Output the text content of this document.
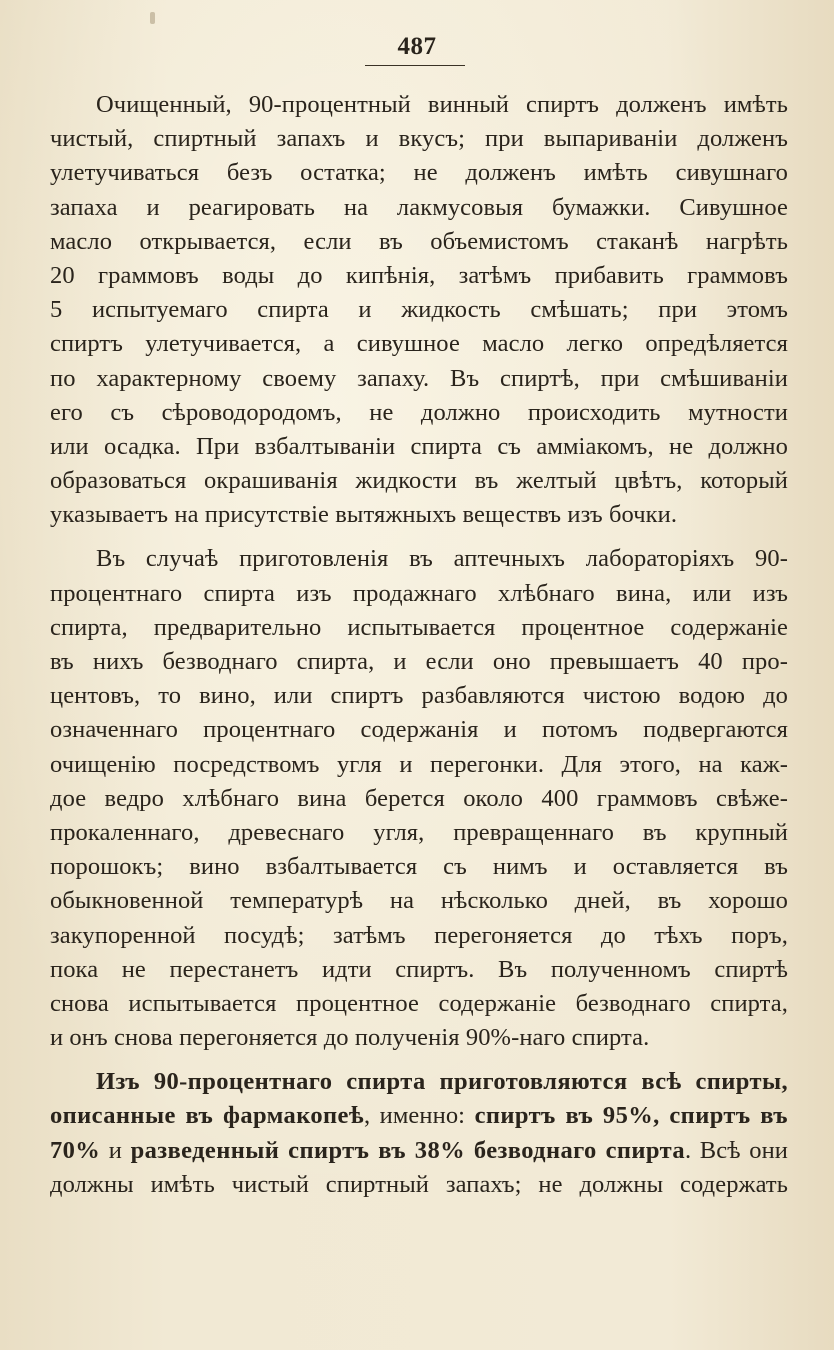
487
Очищенный, 90-процентный винный спиртъ долженъ имѣть
чистый, спиртный запахъ и вкусъ; при выпариваніи долженъ
улетучиваться безъ остатка; не долженъ имѣть сивушнаго
запаха и реагировать на лакмусовыя бумажки. Сивушное
масло открывается, если въ объемистомъ стаканѣ нагрѣть
20 граммовъ воды до кипѣнія, затѣмъ прибавить граммовъ
5 испытуемаго спирта и жидкость смѣшать; при этомъ
спиртъ улетучивается, а сивушное масло легко опредѣляется
по характерному своему запаху. Въ спиртѣ, при смѣшиваніи
его съ сѣроводородомъ, не должно происходить мутности
или осадка. При взбалтываніи спирта съ амміакомъ, не должно
образоваться окрашиванія жидкости въ желтый цвѣтъ, который
указываетъ на присутствіе вытяжныхъ веществъ изъ бочки.
Въ случаѣ приготовленія въ аптечныхъ лабораторіяхъ 90-
процентнаго спирта изъ продажнаго хлѣбнаго вина, или изъ
спирта, предварительно испытывается процентное содержаніе
въ нихъ безводнаго спирта, и если оно превышаетъ 40 про-
центовъ, то вино, или спиртъ разбавляются чистою водою до
означеннаго процентнаго содержанія и потомъ подвергаются
очищенію посредствомъ угля и перегонки. Для этого, на каж-
дое ведро хлѣбнаго вина берется около 400 граммовъ свѣже-
прокаленнаго, древеснаго угля, превращеннаго въ крупный
порошокъ; вино взбалтывается съ нимъ и оставляется въ
обыкновенной температурѣ на нѣсколько дней, въ хорошо
закупоренной посудѣ; затѣмъ перегоняется до тѣхъ поръ,
пока не перестанетъ идти спиртъ. Въ полученномъ спиртѣ
снова испытывается процентное содержаніе безводнаго спирта,
и онъ снова перегоняется до полученія 90%-наго спирта.
Изъ 90-процентнаго спирта приготовляются всѣ спирты,
описанные въ фармакопеѣ, именно: спиртъ въ 95%, спиртъ въ
70% и разведенный спиртъ въ 38% безводнаго спирта. Всѣ они
должны имѣть чистый спиртный запахъ; не должны содержать
